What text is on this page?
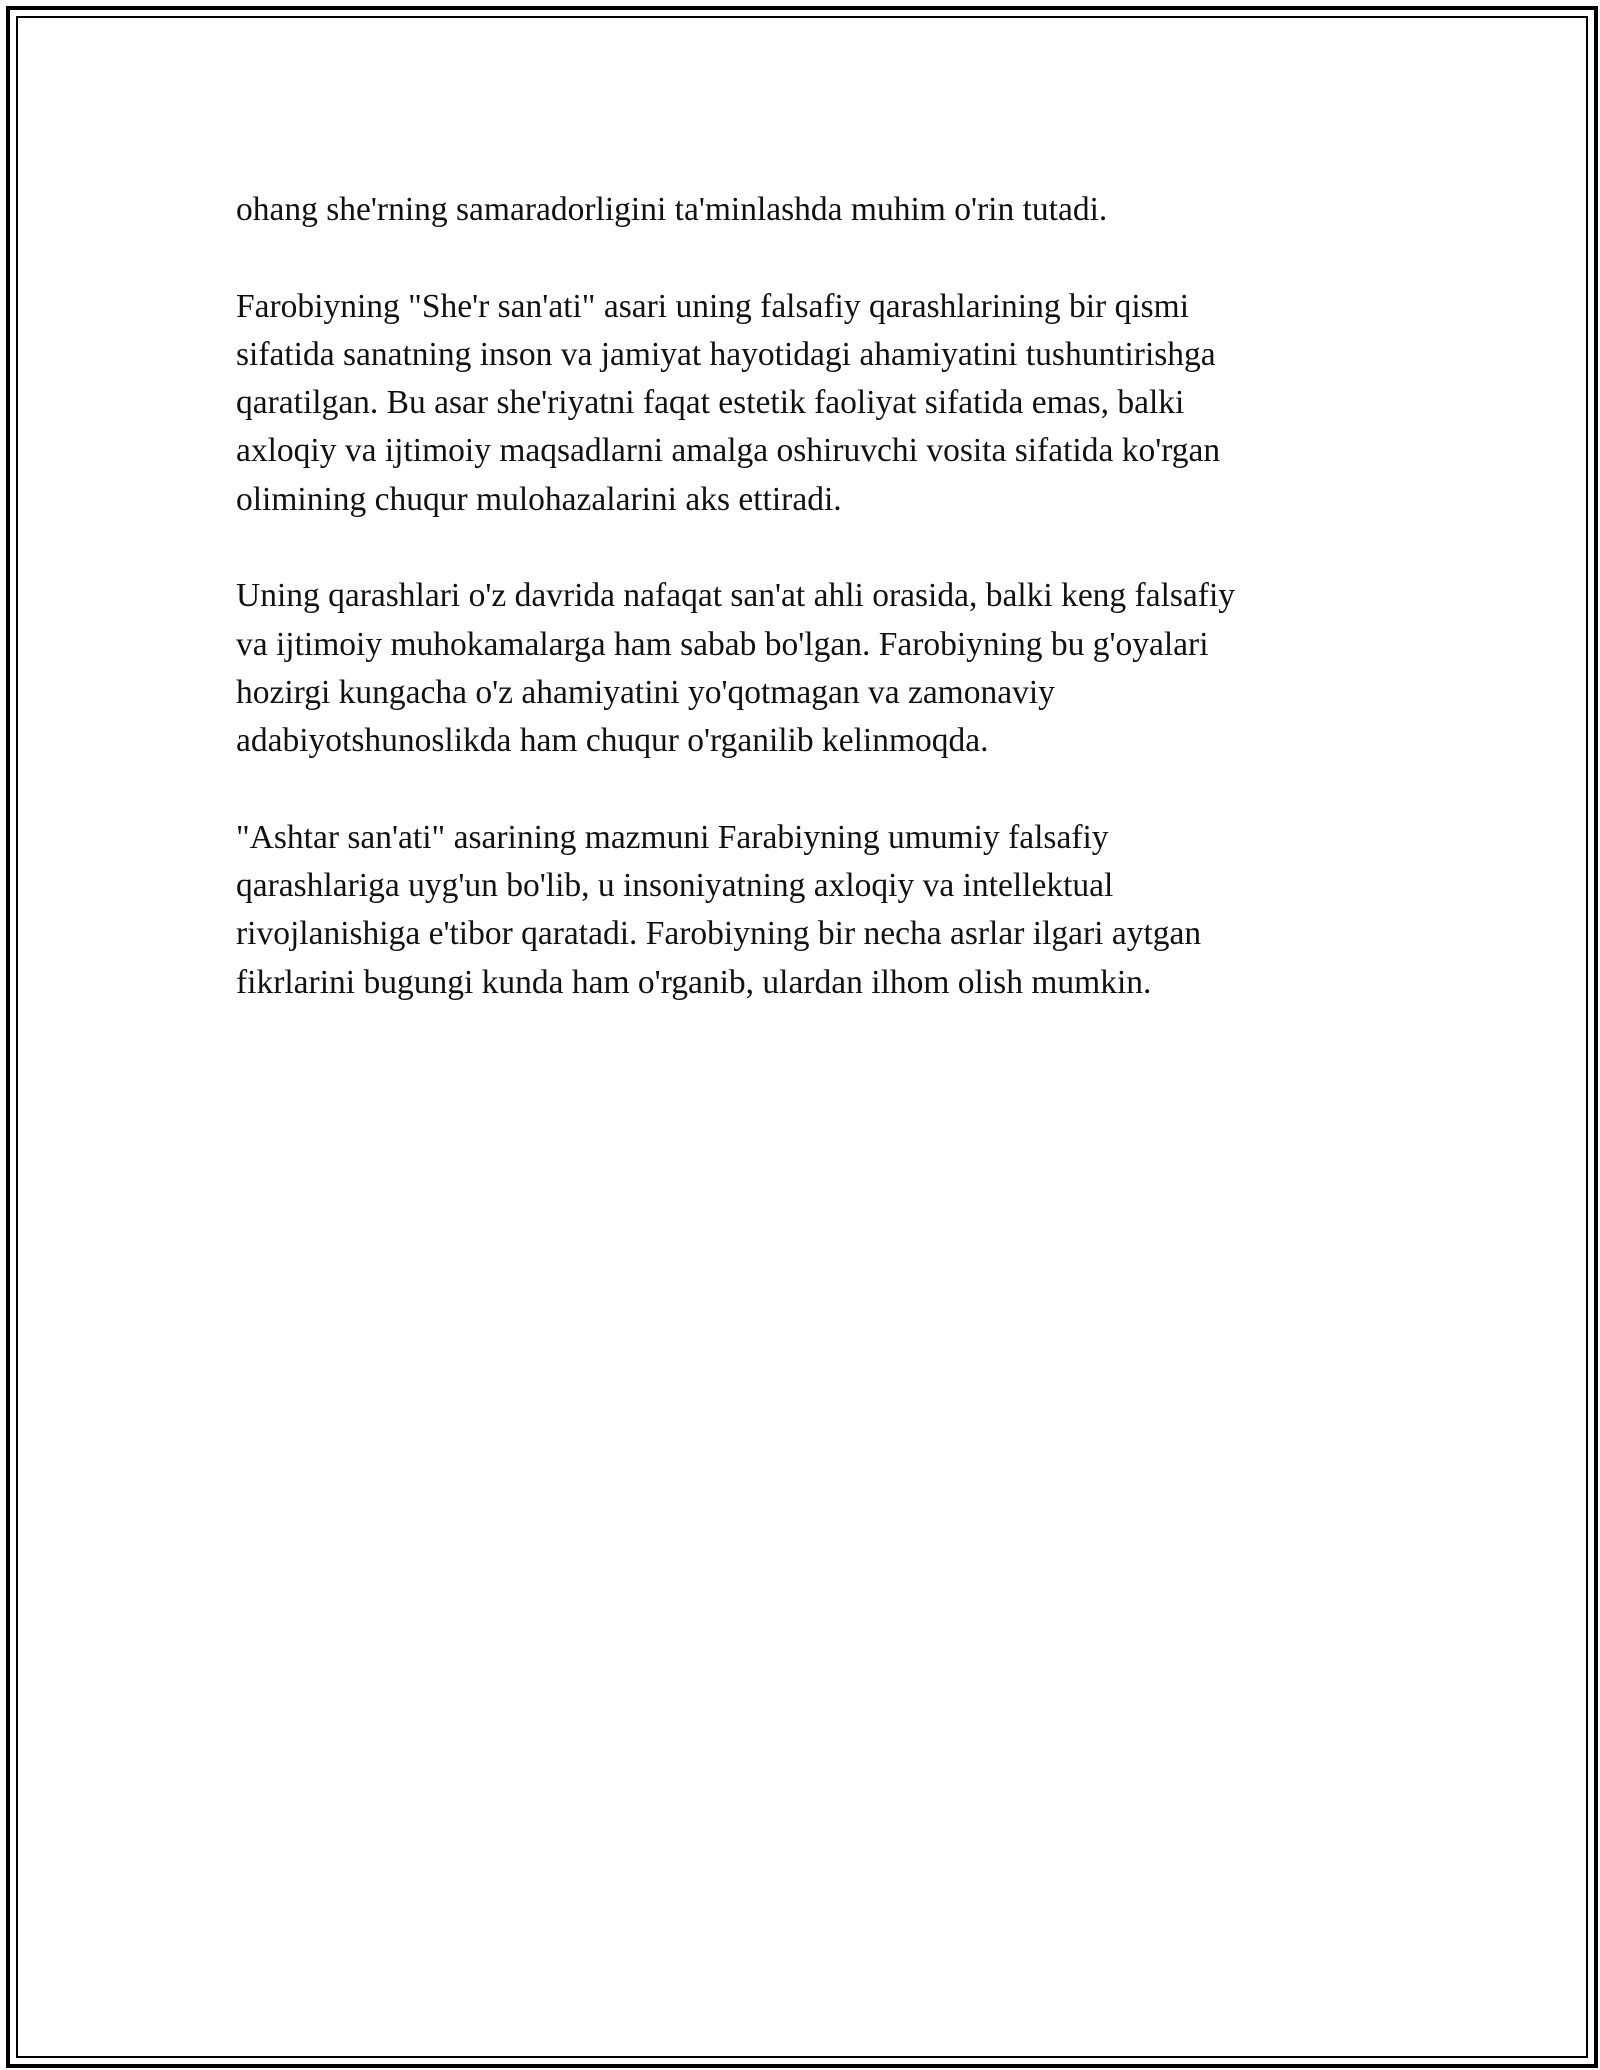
ohang she'rning samaradorligini ta'minlashda muhim o'rin tutadi.

Farobiyning "She'r san'ati" asari uning falsafiy qarashlarining bir qismi
sifatida sanatning inson va jamiyat hayotidagi ahamiyatini tushuntirishga
qaratilgan. Bu asar she'riyatni faqat estetik faoliyat sifatida emas, balki
axloqiy va ijtimoiy maqsadlarni amalga oshiruvchi vosita sifatida ko'rgan
olimining chuqur mulohazalarini aks ettiradi.

Uning qarashlari o'z davrida nafaqat san'at ahli orasida, balki keng falsafiy
va ijtimoiy muhokamalarga ham sabab bo'lgan. Farobiyning bu g'oyalari
hozirgi kungacha o'z ahamiyatini yo'qotmagan va zamonaviy
adabiyotshunoslikda ham chuqur o'rganilib kelinmoqda.

"Ashtar san'ati" asarining mazmuni Farabiyning umumiy falsafiy
qarashlariga uyg'un bo'lib, u insoniyatning axloqiy va intellektual
rivojlanishiga e'tibor qaratadi. Farobiyning bir necha asrlar ilgari aytgan
fikrlarini bugungi kunda ham o'rganib, ulardan ilhom olish mumkin.
